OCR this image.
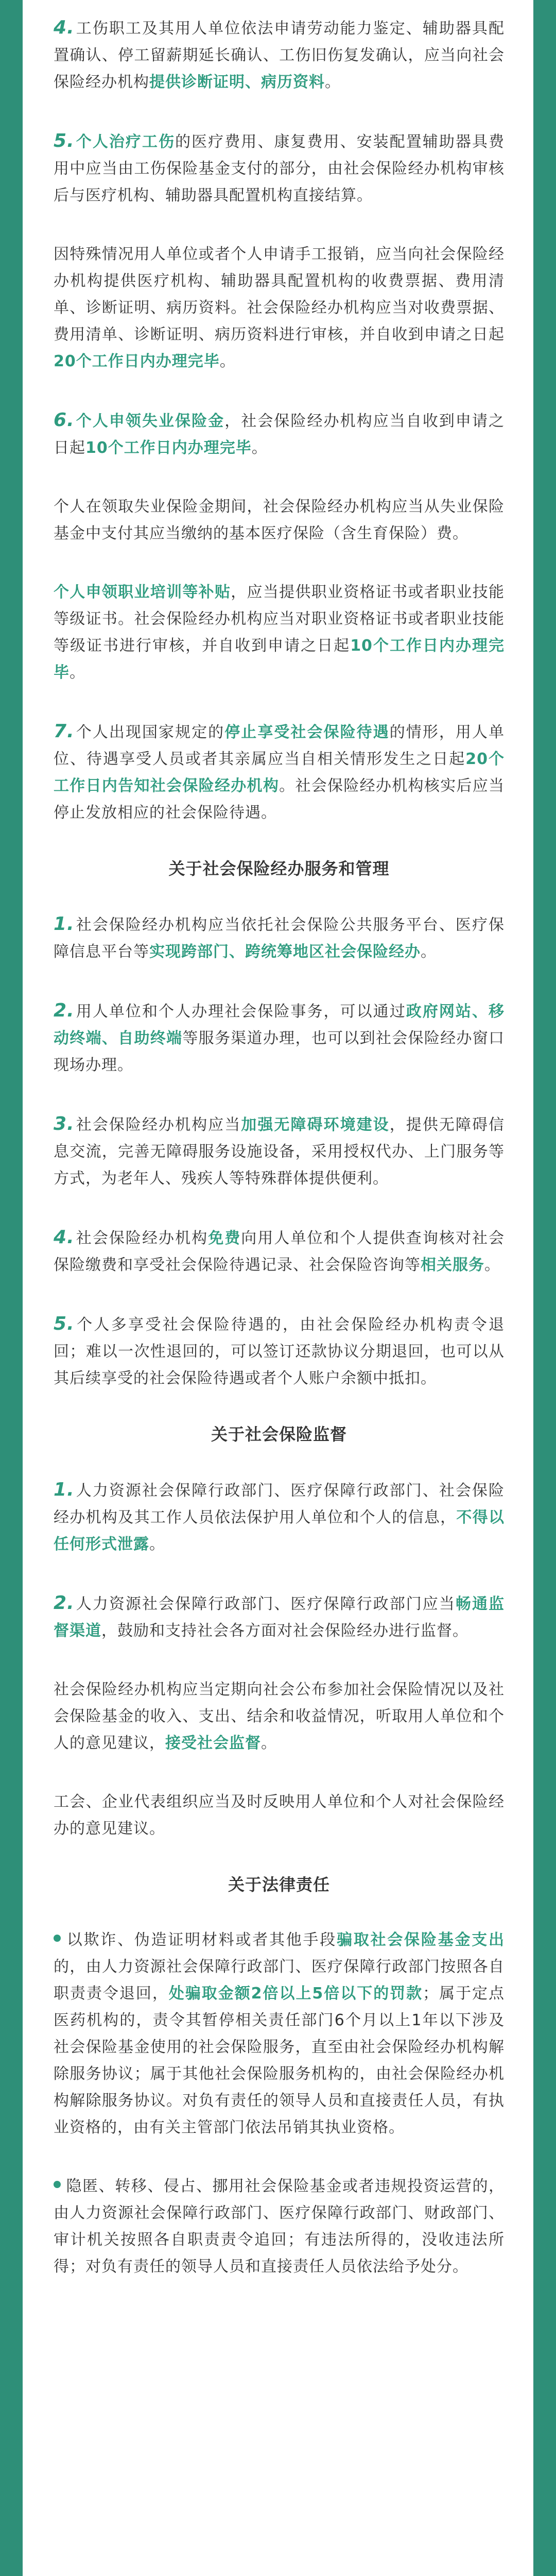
4.工伤职工及其用人单位依法申请劳动能力鉴定、辅助器具配置确认、停工留薪期延长确认、工伤旧伤复发确认，应当向社会保险经办机构提供诊断证明、病历资料。

5.个人治疗工伤的医疗费用、康复费用、安装配置辅助器具费用中应当由工伤保险基金支付的部分，由社会保险经办机构审核后与医疗机构、辅助器具配置机构直接结算。

因特殊情况用人单位或者个人申请手工报销，应当向社会保险经办机构提供医疗机构、辅助器具配置机构的收费票据、费用清单、诊断证明、病历资料。社会保险经办机构应当对收费票据、费用清单、诊断证明、病历资料进行审核，并自收到申请之日起20个工作日内办理完毕。

6.个人申领失业保险金，社会保险经办机构应当自收到申请之日起10个工作日内办理完毕。

个人在领取失业保险金期间，社会保险经办机构应当从失业保险基金中支付其应当缴纳的基本医疗保险（含生育保险）费。

个人申领职业培训等补贴，应当提供职业资格证书或者职业技能等级证书。社会保险经办机构应当对职业资格证书或者职业技能等级证书进行审核，并自收到申请之日起10个工作日内办理完毕。

7.个人出现国家规定的停止享受社会保险待遇的情形，用人单位、待遇享受人员或者其亲属应当自相关情形发生之日起20个工作日内告知社会保险经办机构。社会保险经办机构核实后应当停止发放相应的社会保险待遇。

关于社会保险经办服务和管理

1.社会保险经办机构应当依托社会保险公共服务平台、医疗保障信息平台等实现跨部门、跨统筹地区社会保险经办。

2.用人单位和个人办理社会保险事务，可以通过政府网站、移动终端、自助终端等服务渠道办理，也可以到社会保险经办窗口现场办理。

3.社会保险经办机构应当加强无障碍环境建设，提供无障碍信息交流，完善无障碍服务设施设备，采用授权代办、上门服务等方式，为老年人、残疾人等特殊群体提供便利。

4.社会保险经办机构免费向用人单位和个人提供查询核对社会保险缴费和享受社会保险待遇记录、社会保险咨询等相关服务。

5.个人多享受社会保险待遇的，由社会保险经办机构责令退回；难以一次性退回的，可以签订还款协议分期退回，也可以从其后续享受的社会保险待遇或者个人账户余额中抵扣。

关于社会保险监督

1.人力资源社会保障行政部门、医疗保障行政部门、社会保险经办机构及其工作人员依法保护用人单位和个人的信息，不得以任何形式泄露。

2.人力资源社会保障行政部门、医疗保障行政部门应当畅通监督渠道，鼓励和支持社会各方面对社会保险经办进行监督。

社会保险经办机构应当定期向社会公布参加社会保险情况以及社会保险基金的收入、支出、结余和收益情况，听取用人单位和个人的意见建议，接受社会监督。

工会、企业代表组织应当及时反映用人单位和个人对社会保险经办的意见建议。

关于法律责任

以欺诈、伪造证明材料或者其他手段骗取社会保险基金支出的，由人力资源社会保障行政部门、医疗保障行政部门按照各自职责责令退回，处骗取金额2倍以上5倍以下的罚款；属于定点医药机构的，责令其暂停相关责任部门6个月以上1年以下涉及社会保险基金使用的社会保险服务，直至由社会保险经办机构解除服务协议；属于其他社会保险服务机构的，由社会保险经办机构解除服务协议。对负有责任的领导人员和直接责任人员，有执业资格的，由有关主管部门依法吊销其执业资格。

隐匿、转移、侵占、挪用社会保险基金或者违规投资运营的，由人力资源社会保障行政部门、医疗保障行政部门、财政部门、审计机关按照各自职责责令追回；有违法所得的，没收违法所得；对负有责任的领导人员和直接责任人员依法给予处分。
